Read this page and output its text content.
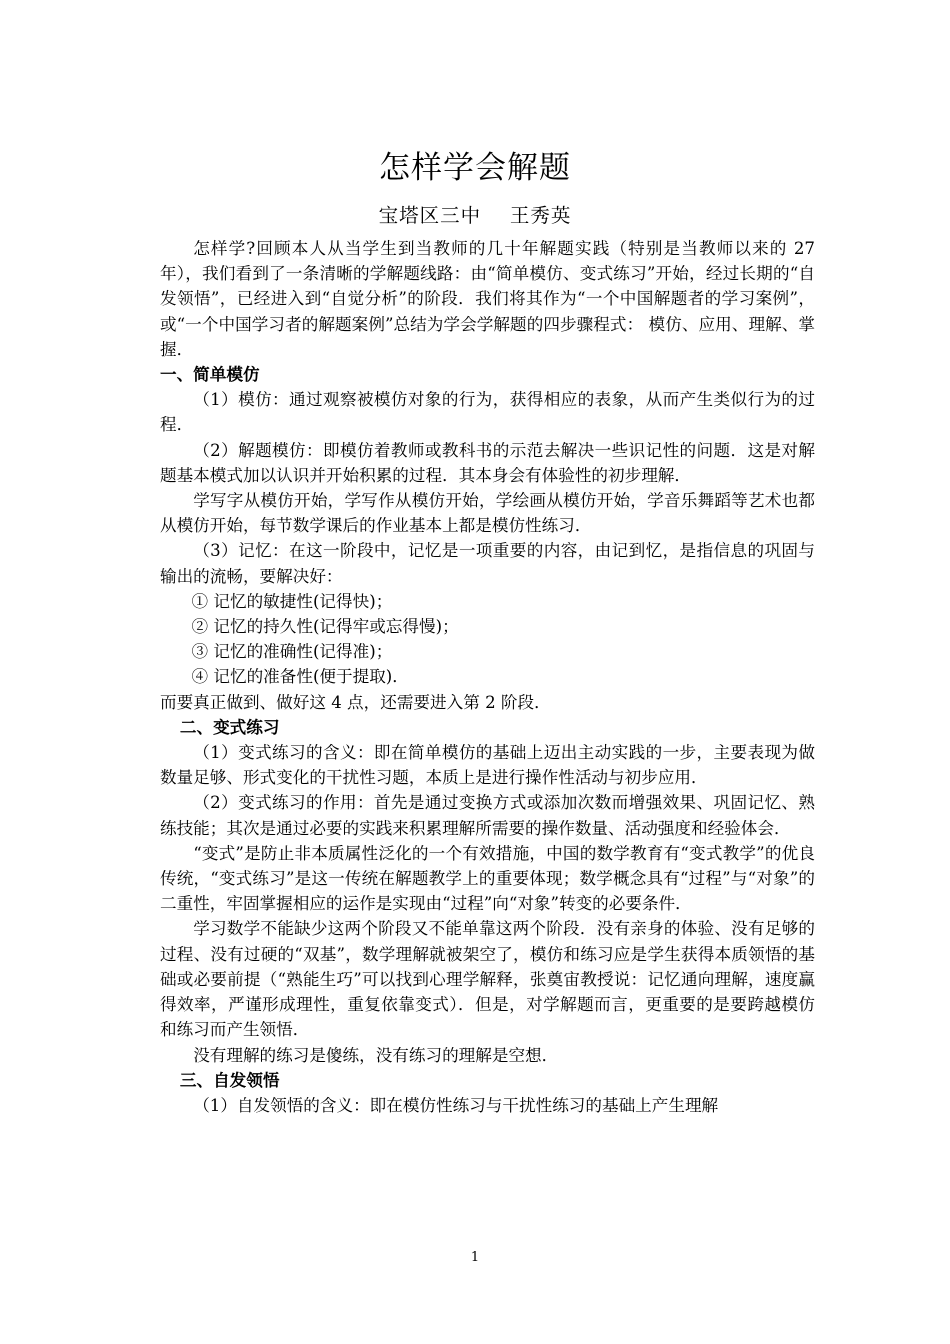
怎样学会解题
宝塔区三中    王秀英

怎样学?回顾本人从当学生到当教师的几十年解题实践（特别是当教师以来的 27 年），我们看到了一条清晰的学解题线路：由“简单模仿、变式练习”开始，经过长期的“自发领悟”，已经进入到“自觉分析”的阶段．我们将其作为“一个中国解题者的学习案例”，或“一个中国学习者的解题案例”总结为学会学解题的四步骤程式： 模仿、应用、理解、掌握．

一、简单模仿

（1）模仿：通过观察被模仿对象的行为，获得相应的表象，从而产生类似行为的过程．

（2）解题模仿：即模仿着教师或教科书的示范去解决一些识记性的问题．这是对解题基本模式加以认识并开始积累的过程．其本身会有体验性的初步理解．

学写字从模仿开始，学写作从模仿开始，学绘画从模仿开始，学音乐舞蹈等艺术也都从模仿开始，每节数学课后的作业基本上都是模仿性练习．

（3）记忆：在这一阶段中，记忆是一项重要的内容，由记到忆，是指信息的巩固与输出的流畅，要解决好：

① 记忆的敏捷性(记得快)；

② 记忆的持久性(记得牢或忘得慢)；

③ 记忆的准确性(记得准)；

④ 记忆的准备性(便于提取)．

而要真正做到、做好这 4 点，还需要进入第 2 阶段．

二、变式练习

（1）变式练习的含义：即在简单模仿的基础上迈出主动实践的一步，主要表现为做数量足够、形式变化的干扰性习题，本质上是进行操作性活动与初步应用．

（2）变式练习的作用：首先是通过变换方式或添加次数而增强效果、巩固记忆、熟练技能；其次是通过必要的实践来积累理解所需要的操作数量、活动强度和经验体会．

“变式”是防止非本质属性泛化的一个有效措施，中国的数学教育有“变式教学”的优良传统，“变式练习”是这一传统在解题教学上的重要体现；数学概念具有“过程”与“对象”的二重性，牢固掌握相应的运作是实现由“过程”向“对象”转变的必要条件．

学习数学不能缺少这两个阶段又不能单靠这两个阶段．没有亲身的体验、没有足够的过程、没有过硬的“双基”，数学理解就被架空了，模仿和练习应是学生获得本质领悟的基础或必要前提（“熟能生巧”可以找到心理学解释，张奠宙教授说：记忆通向理解，速度赢得效率，严谨形成理性，重复依靠变式）．但是，对学解题而言，更重要的是要跨越模仿和练习而产生领悟．

没有理解的练习是傻练，没有练习的理解是空想．

三、自发领悟

（1）自发领悟的含义：即在模仿性练习与干扰性练习的基础上产生理解

1
